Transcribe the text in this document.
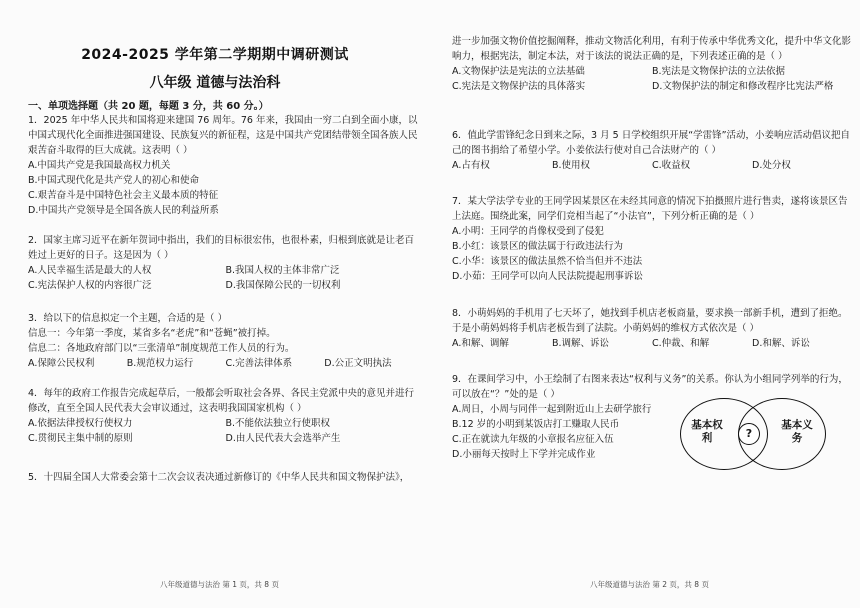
2024-2025 学年第二学期期中调研测试
八年级 道德与法治科
一、单项选择题（共 20 题，每题 3 分，共 60 分。）
1．2025 年中华人民共和国将迎来建国 76 周年。76 年来，我国由一穷二白到全面小康，以中国式现代化全面推进强国建设、民族复兴的新征程，这是中国共产党团结带领全国各族人民艰苦奋斗取得的巨大成就。这表明（ ）
A.中国共产党是我国最高权力机关
B.中国式现代化是共产党人的初心和使命
C.艰苦奋斗是中国特色社会主义最本质的特征
D.中国共产党领导是全国各族人民的利益所系
2．国家主席习近平在新年贺词中指出，我们的目标很宏伟，也很朴素，归根到底就是让老百姓过上更好的日子。这是因为（ ）
A.人民幸福生活是最大的人权	B.我国人权的主体非常广泛
C.宪法保护人权的内容很广泛	D.我国保障公民的一切权利
3．给以下的信息拟定一个主题，合适的是（ ）
信息一：今年第一季度，某省多名“老虎”和“苍蝇”被打掉。
信息二：各地政府部门以“三张清单”制度规范工作人员的行为。
A.保障公民权利	B.规范权力运行	C.完善法律体系	D.公正文明执法
4．每年的政府工作报告完成起草后，一般都会听取社会各界、各民主党派中央的意见并进行修改，直至全国人民代表大会审议通过，这表明我国国家机构（ ）
A.依据法律授权行使权力	B.不能依法独立行使职权
C.贯彻民主集中制的原则	D.由人民代表大会选举产生
5．十四届全国人大常委会第十二次会议表决通过新修订的《中华人民共和国文物保护法》，
八年级道德与法治 第 1 页，共 8 页
进一步加强文物价值挖掘阐释，推动文物活化利用，有利于传承中华优秀文化，提升中华文化影响力，根据宪法，制定本法，对于该法的说法正确的是，下列表述正确的是（ ）
A.文物保护法是宪法的立法基础	B.宪法是文物保护法的立法依据
C.宪法是文物保护法的具体落实	D.文物保护法的制定和修改程序比宪法严格
6．值此学雷锋纪念日到来之际，3 月 5 日学校组织开展“学雷锋”活动，小姜响应活动倡议把自己的图书捐给了希望小学。小姜依法行使对自己合法财产的（ ）
A.占有权	B.使用权	C.收益权	D.处分权
7．某大学法学专业的王同学因某景区在未经其同意的情况下拍摄照片进行售卖，遂将该景区告上法庭。围绕此案，同学们竞相当起了“小法官”，下列分析正确的是（ ）
A.小明：王同学的肖像权受到了侵犯
B.小红：该景区的做法属于行政违法行为
C.小华：该景区的做法虽然不恰当但并不违法
D.小茹：王同学可以向人民法院提起刑事诉讼
8．小萌妈妈的手机用了七天坏了，她找到手机店老板商量，要求换一部新手机，遭到了拒绝。于是小萌妈妈将手机店老板告到了法院。小萌妈妈的维权方式依次是（ ）
A.和解、调解	B.调解、诉讼	C.仲裁、和解	D.和解、诉讼
9．在课间学习中，小王绘制了右图来表达“权利与义务”的关系。你认为小组同学列举的行为，可以放在“？”处的是（ ）
A.周日，小周与同伴一起到附近山上去研学旅行
B.12 岁的小明到某饭店打工赚取人民币
C.正在就读九年级的小章报名应征入伍
D.小丽每天按时上下学并完成作业
基本权利
基本义务
?
八年级道德与法治 第 2 页，共 8 页
